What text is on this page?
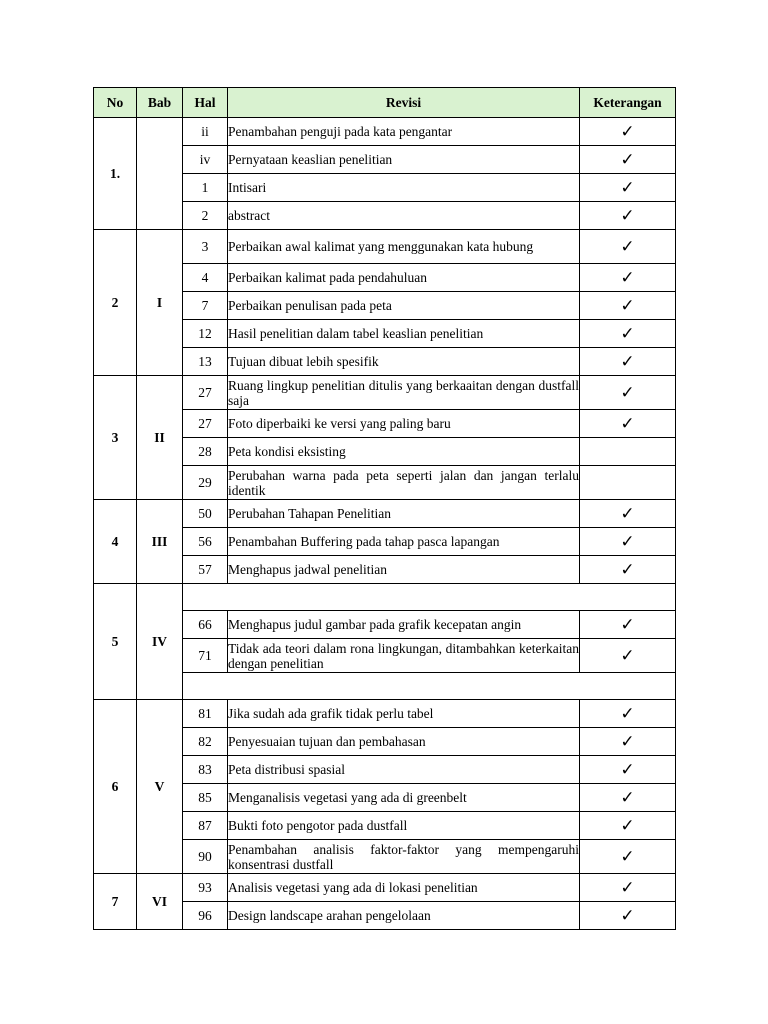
No	Bab	Hal	Revisi	Keterangan
1.		ii	Penambahan penguji pada kata pengantar	✓
		iv	Pernyataan keaslian penelitian	✓
		1	Intisari	✓
		2	abstract	✓
2	I	3	Perbaikan awal kalimat yang menggunakan kata hubung	✓
		4	Perbaikan kalimat pada pendahuluan	✓
		7	Perbaikan penulisan pada peta	✓
		12	Hasil penelitian dalam tabel keaslian penelitian	✓
		13	Tujuan dibuat lebih spesifik	✓
3	II	27	Ruang lingkup penelitian ditulis yang berkaaitan dengan dustfall saja	✓
		27	Foto diperbaiki ke versi yang paling baru	✓
		28	Peta kondisi eksisting	
		29	Perubahan warna pada peta seperti jalan dan jangan terlalu identik	
4	III	50	Perubahan Tahapan Penelitian	✓
		56	Penambahan Buffering pada tahap pasca lapangan	✓
		57	Menghapus jadwal penelitian	✓
5	IV			
		66	Menghapus judul gambar pada grafik kecepatan angin	✓
		71	Tidak ada teori dalam rona lingkungan, ditambahkan keterkaitan dengan penelitian	✓

6	V	81	Jika sudah ada grafik tidak perlu tabel	✓
		82	Penyesuaian tujuan dan pembahasan	✓
		83	Peta distribusi spasial	✓
		85	Menganalisis vegetasi yang ada di greenbelt	✓
		87	Bukti foto pengotor pada dustfall	✓
		90	Penambahan analisis faktor-faktor yang mempengaruhi konsentrasi dustfall	✓
7	VI	93	Analisis vegetasi yang ada di lokasi penelitian	✓
		96	Design landscape arahan pengelolaan	✓
